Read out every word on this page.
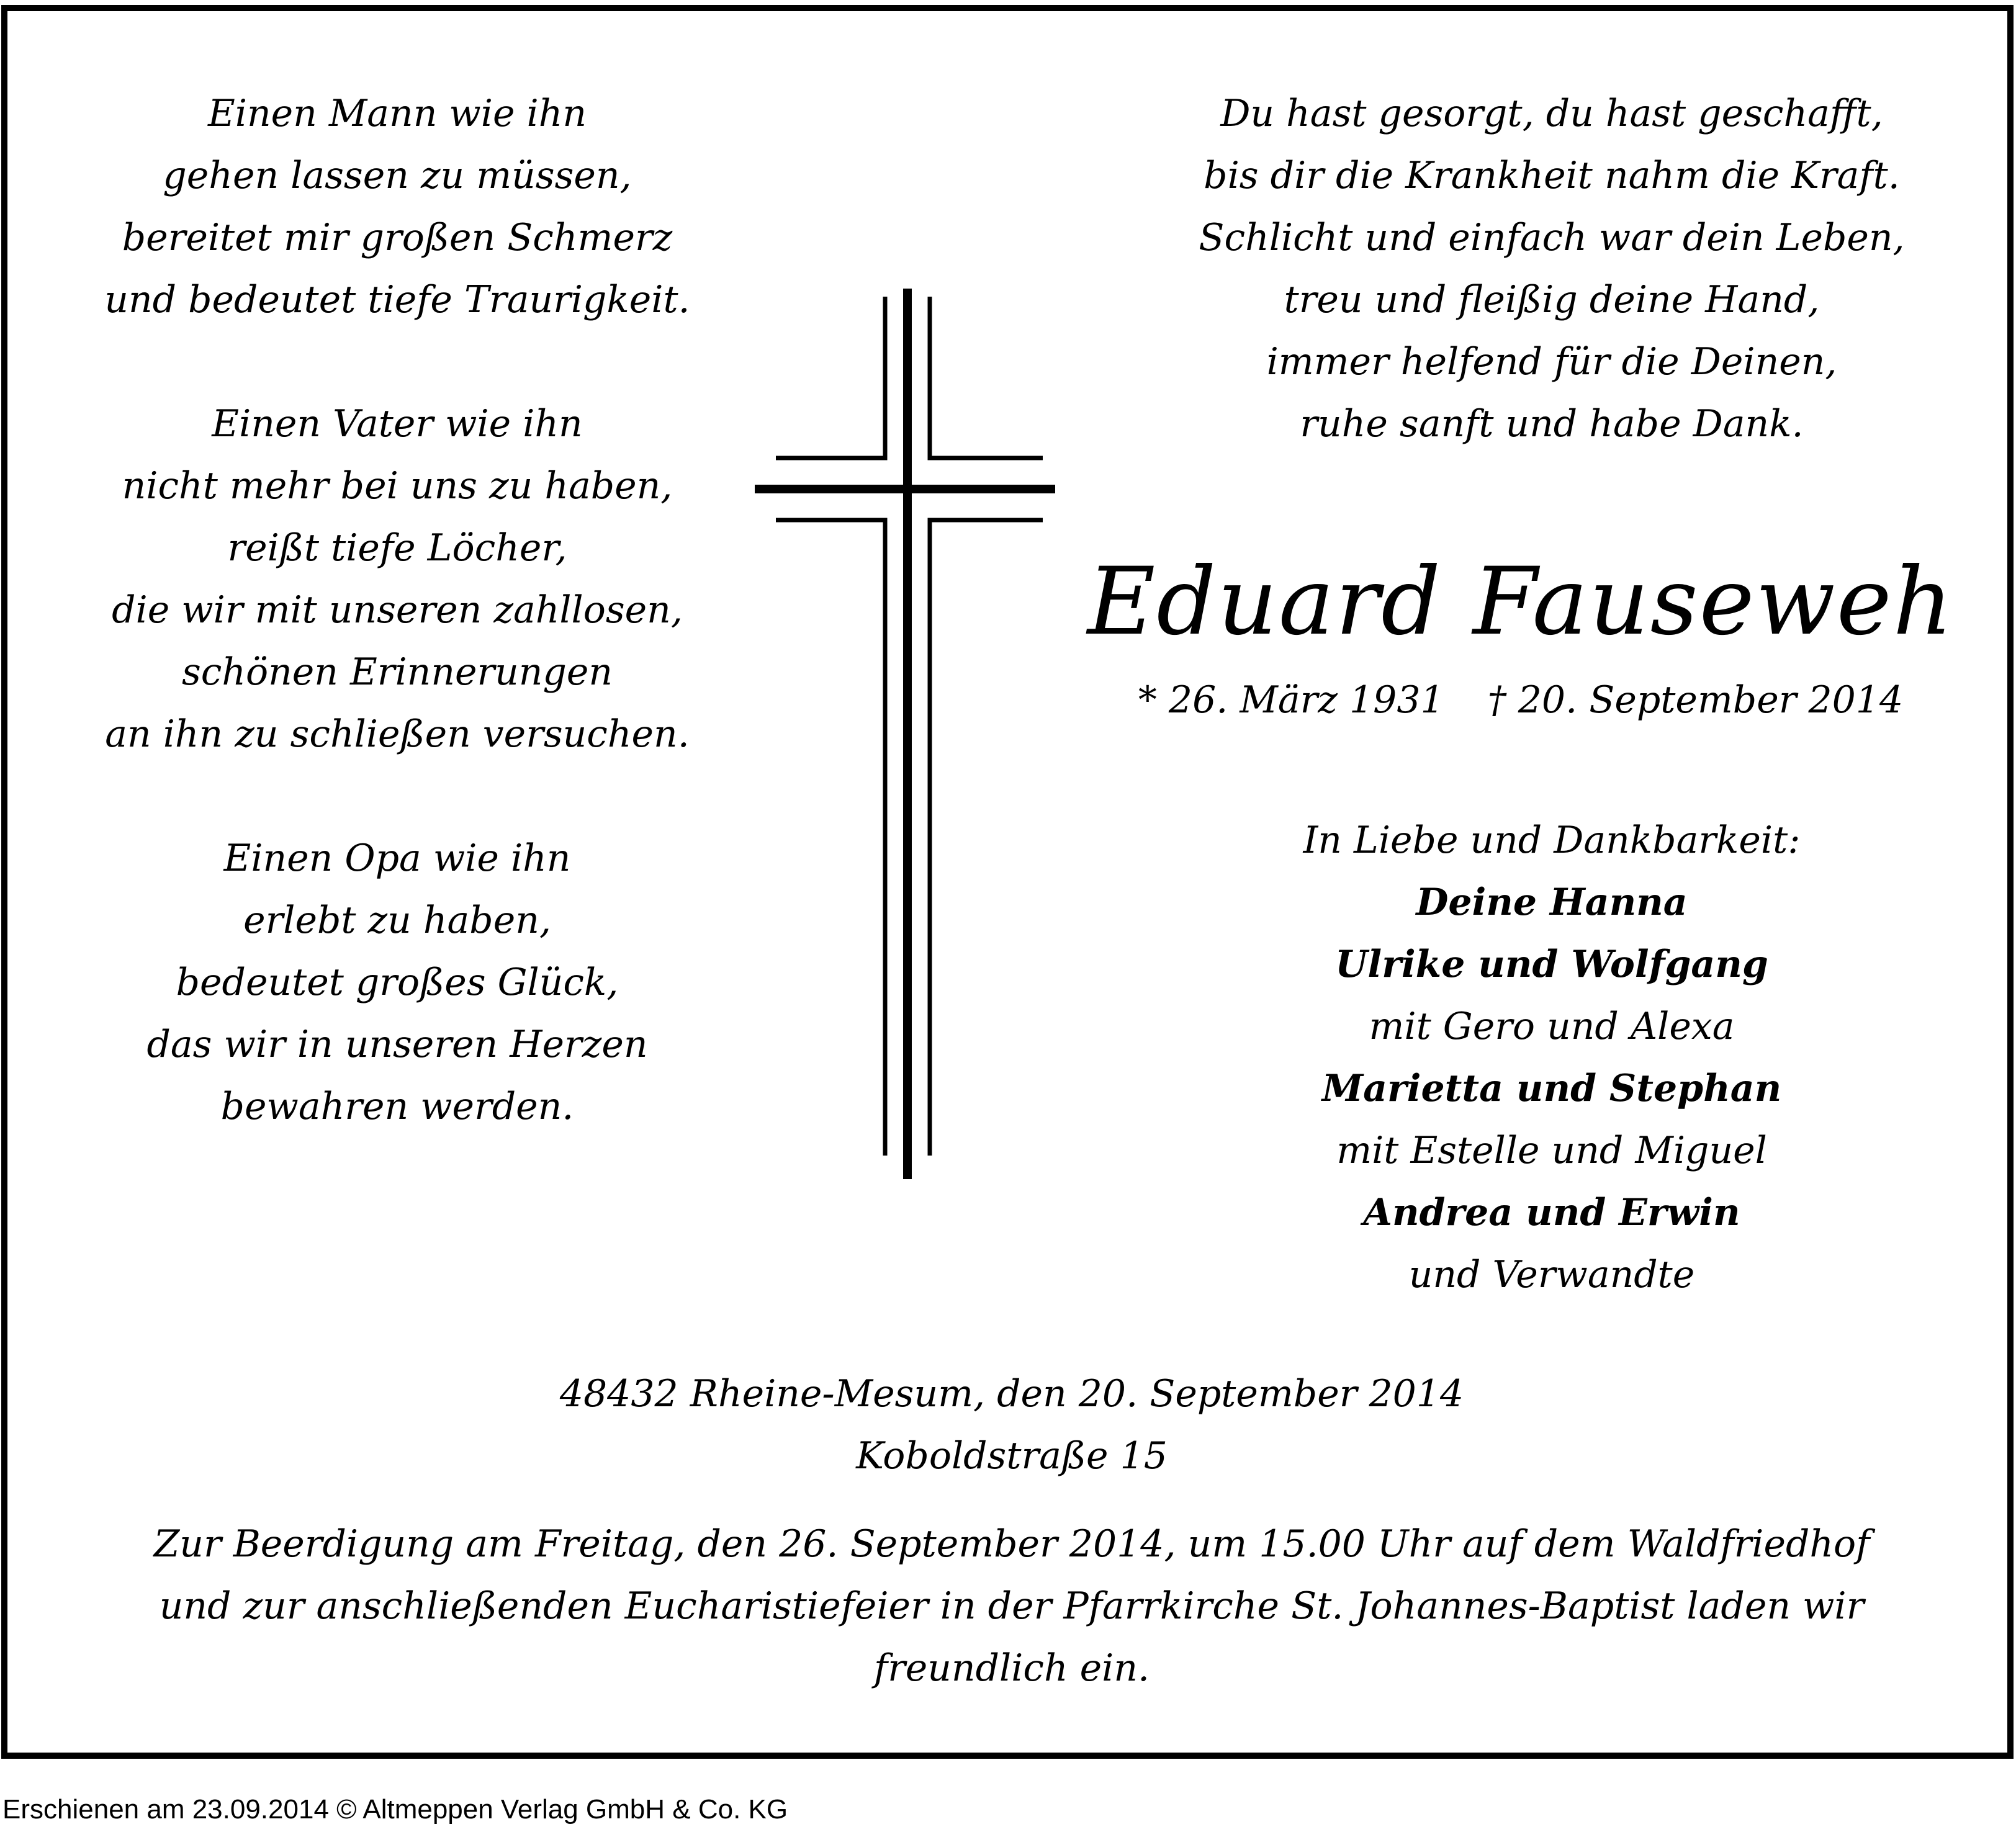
Einen Mann wie ihn

gehen lassen zu müssen,

bereitet mir großen Schmerz

und bedeutet tiefe Traurigkeit.

Einen Vater wie ihn

nicht mehr bei uns zu haben,

reißt tiefe Löcher,

die wir mit unseren zahllosen,

schönen Erinnerungen

an ihn zu schließen versuchen.

Einen Opa wie ihn

erlebt zu haben,

bedeutet großes Glück,

das wir in unseren Herzen

bewahren werden.

Du hast gesorgt, du hast geschafft,

bis dir die Krankheit nahm die Kraft.

Schlicht und einfach war dein Leben,

treu und fleißig deine Hand,

immer helfend für die Deinen,

ruhe sanft und habe Dank.

Eduard Fauseweh
* 26. März 1931 † 20. September 2014

In Liebe und Dankbarkeit:

Deine Hanna

Ulrike und Wolfgang

mit Gero und Alexa

Marietta und Stephan

mit Estelle und Miguel

Andrea und Erwin

und Verwandte

48432 Rheine-Mesum, den 20. September 2014

Koboldstraße 15

Zur Beerdigung am Freitag, den 26. September 2014, um 15.00 Uhr auf dem Waldfriedhof

und zur anschließenden Eucharistiefeier in der Pfarrkirche St. Johannes-Baptist laden wir

freundlich ein.

Erschienen am 23.09.2014 © Altmeppen Verlag GmbH & Co. KG
